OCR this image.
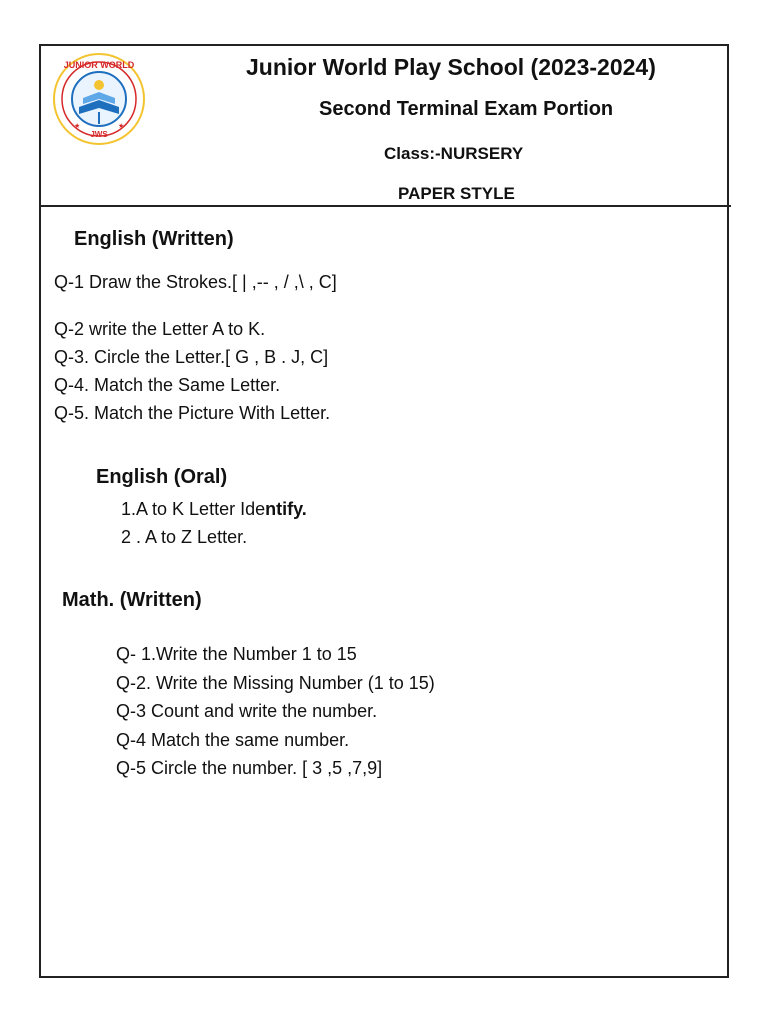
JUNIOR WORLD
JWS
★	★
Junior World Play School (2023-2024)
Second Terminal Exam Portion
Class:-NURSERY
PAPER STYLE
English (Written)
Q-1 Draw the Strokes.[ | ,-- , / ,\ , C]
Q-2 write the Letter A to K.
Q-3. Circle the Letter.[ G , B . J, C]
Q-4. Match the Same Letter.
Q-5. Match the Picture With Letter.
English (Oral)
1.A to K Letter Identify.
2 . A to Z Letter.
Math. (Written)
Q- 1.Write the Number 1 to 15
Q-2. Write the Missing Number (1 to 15)
Q-3 Count and write the number.
Q-4 Match the same number.
Q-5 Circle the number. [ 3 ,5 ,7,9]
